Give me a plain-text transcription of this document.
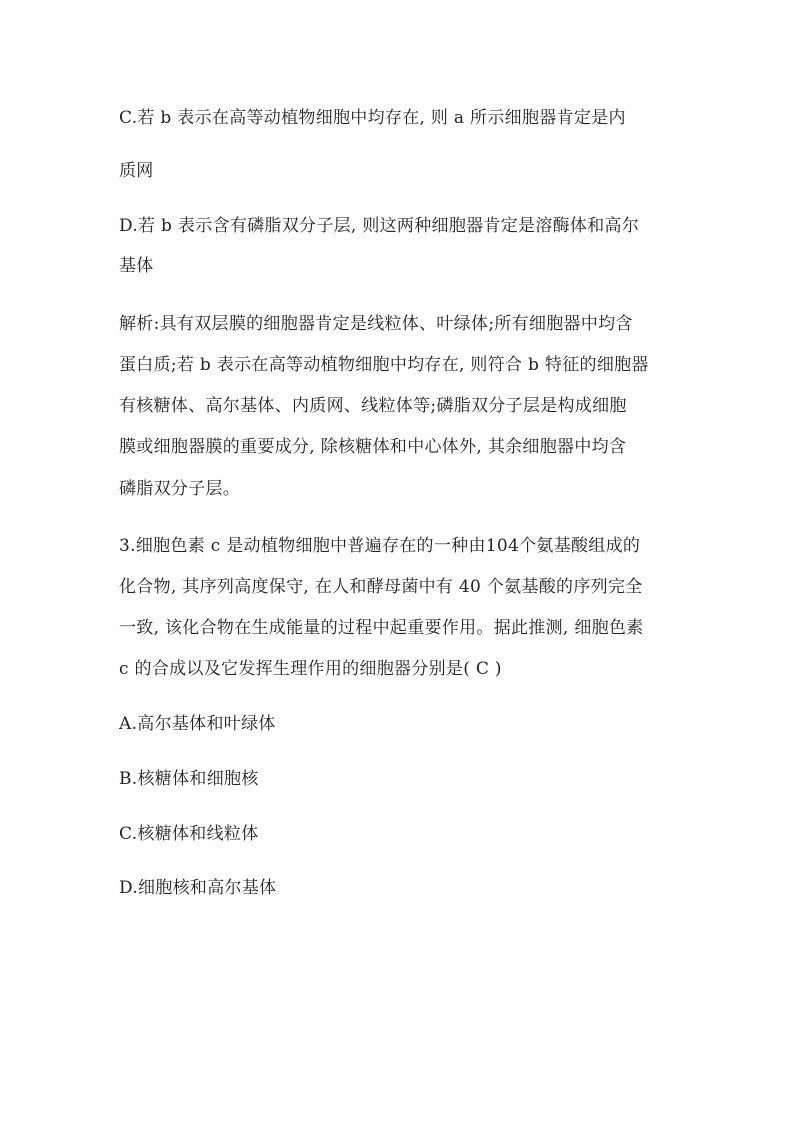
C.若 b 表示在高等动植物细胞中均存在, 则 a 所示细胞器肯定是内
质网
D.若 b 表示含有磷脂双分子层, 则这两种细胞器肯定是溶酶体和高尔
基体
解析:具有双层膜的细胞器肯定是线粒体、叶绿体;所有细胞器中均含
蛋白质;若 b 表示在高等动植物细胞中均存在, 则符合 b 特征的细胞器
有核糖体、高尔基体、内质网、线粒体等;磷脂双分子层是构成细胞
膜或细胞器膜的重要成分, 除核糖体和中心体外, 其余细胞器中均含
磷脂双分子层。
3.细胞色素 c 是动植物细胞中普遍存在的一种由104个氨基酸组成的
化合物, 其序列高度保守, 在人和酵母菌中有 40 个氨基酸的序列完全
一致, 该化合物在生成能量的过程中起重要作用。据此推测, 细胞色素
c 的合成以及它发挥生理作用的细胞器分别是( C )
A.高尔基体和叶绿体
B.核糖体和细胞核
C.核糖体和线粒体
D.细胞核和高尔基体
